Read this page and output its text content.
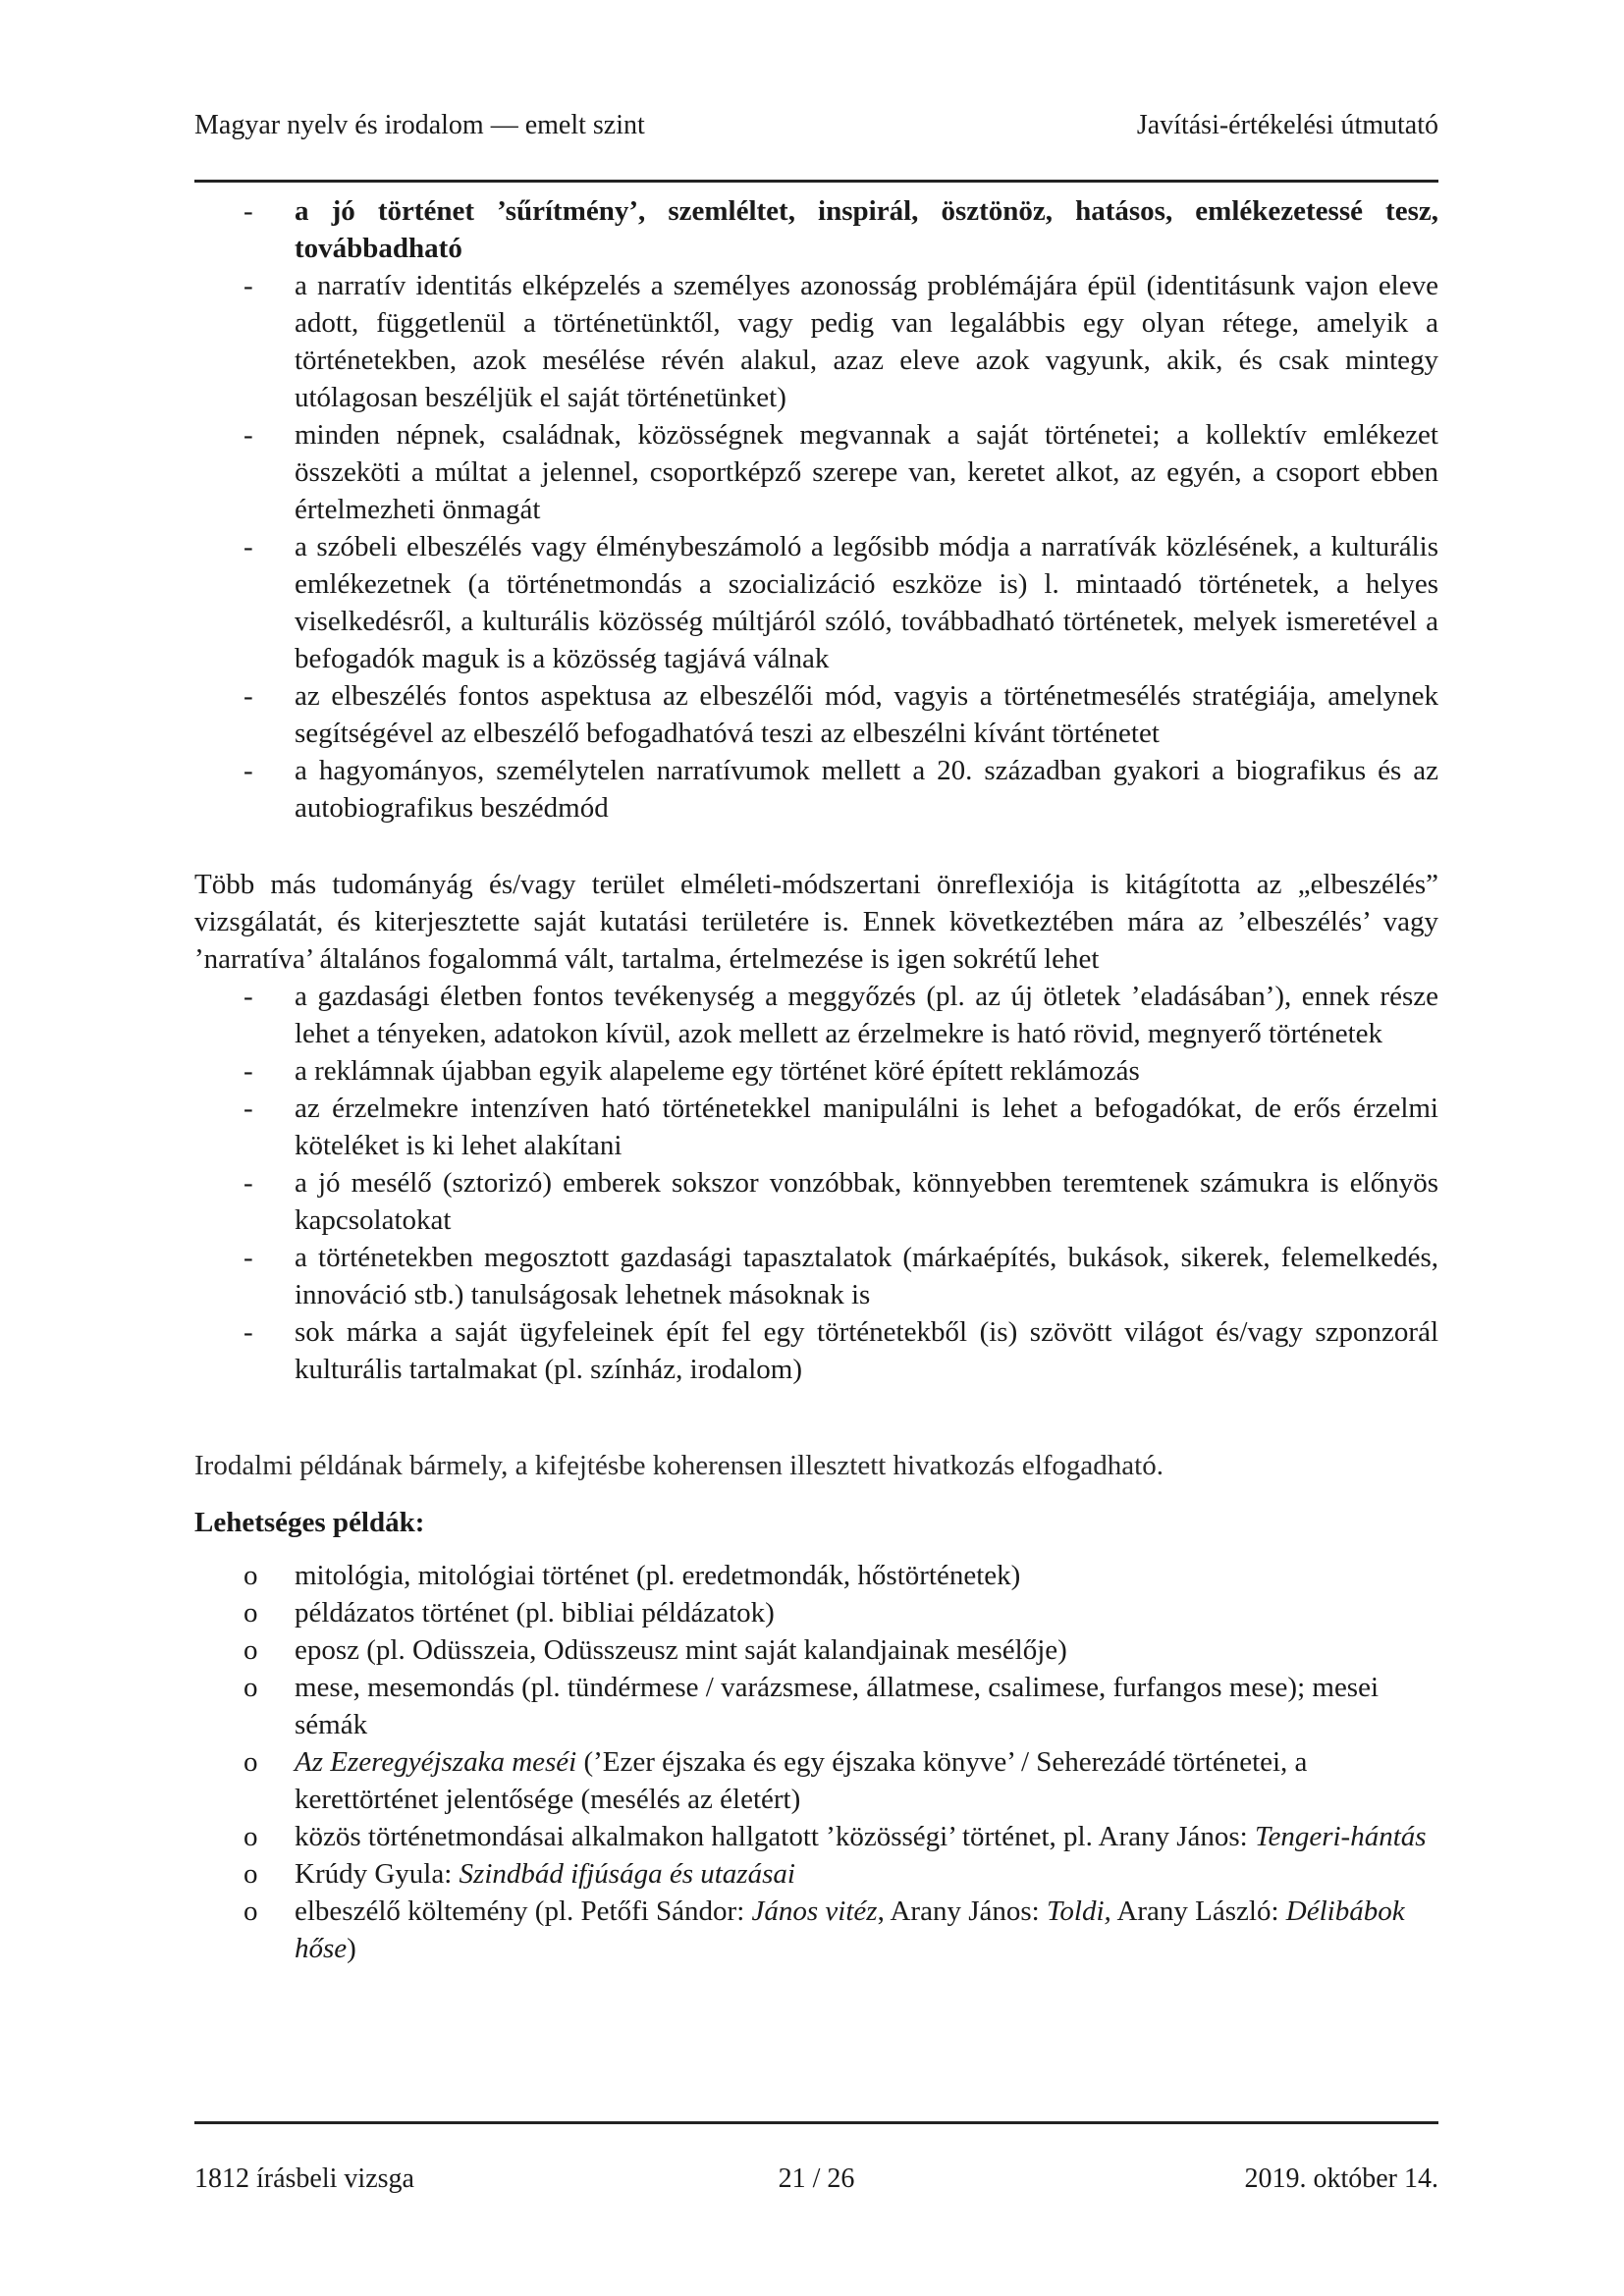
Magyar nyelv és irodalom — emelt szint	Javítási-értékelési útmutató
- a jó történet ’sűrítmény’, szemléltet, inspirál, ösztönöz, hatásos, emlékezetessé tesz, továbbadható
- a narratív identitás elképzelés a személyes azonosság problémájára épül (identitásunk vajon eleve adott, függetlenül a történetünktől, vagy pedig van legalábbis egy olyan rétege, amelyik a történetekben, azok mesélése révén alakul, azaz eleve azok vagyunk, akik, és csak mintegy utólagosan beszéljük el saját történetünket)
- minden népnek, családnak, közösségnek megvannak a saját történetei; a kollektív emlékezet összeköti a múltat a jelennel, csoportképző szerepe van, keretet alkot, az egyén, a csoport ebben értelmezheti önmagát
- a szóbeli elbeszélés vagy élménybeszámoló a legősibb módja a narratívák közlésének, a kulturális emlékezetnek (a történetmondás a szocializáció eszköze is) l. mintaadó történetek, a helyes viselkedésről, a kulturális közösség múltjáról szóló, továbbadható történetek, melyek ismeretével a befogadók maguk is a közösség tagjává válnak
- az elbeszélés fontos aspektusa az elbeszélői mód, vagyis a történetmesélés stratégiája, amelynek segítségével az elbeszélő befogadhatóvá teszi az elbeszélni kívánt történetet
- a hagyományos, személytelen narratívumok mellett a 20. században gyakori a biografikus és az autobiografikus beszédmód

Több más tudományág és/vagy terület elméleti-módszertani önreflexiója is kitágította az „elbeszélés” vizsgálatát, és kiterjesztette saját kutatási területére is. Ennek következtében mára az ’elbeszélés’ vagy ’narratíva’ általános fogalommá vált, tartalma, értelmezése is igen sokrétű lehet

- a gazdasági életben fontos tevékenység a meggyőzés (pl. az új ötletek ’eladásában’), ennek része lehet a tényeken, adatokon kívül, azok mellett az érzelmekre is ható rövid, megnyerő történetek
- a reklámnak újabban egyik alapeleme egy történet köré épített reklámozás
- az érzelmekre intenzíven ható történetekkel manipulálni is lehet a befogadókat, de erős érzelmi köteléket is ki lehet alakítani
- a jó mesélő (sztorizó) emberek sokszor vonzóbbak, könnyebben teremtenek számukra is előnyös kapcsolatokat
- a történetekben megosztott gazdasági tapasztalatok (márkaépítés, bukások, sikerek, felemelkedés, innováció stb.) tanulságosak lehetnek másoknak is
- sok márka a saját ügyfeleinek épít fel egy történetekből (is) szövött világot és/vagy szponzorál kulturális tartalmakat (pl. színház, irodalom)

Irodalmi példának bármely, a kifejtésbe koherensen illesztett hivatkozás elfogadható.

Lehetséges példák:

o mitológia, mitológiai történet (pl. eredetmondák, hőstörténetek)
o példázatos történet (pl. bibliai példázatok)
o eposz (pl. Odüsszeia, Odüsszeusz mint saját kalandjainak mesélője)
o mese, mesemondás (pl. tündérmese / varázsmese, állatmese, csalimese, furfangos mese); mesei sémák
o Az Ezeregyéjszaka meséi (’Ezer éjszaka és egy éjszaka könyve’ / Seherezádé történetei, a kerettörténet jelentősége (mesélés az életért)
o közös történetmondásai alkalmakon hallgatott ’közösségi’ történet, pl. Arany János: Tengeri-hántás
o Krúdy Gyula: Szindbád ifjúsága és utazásai
o elbeszélő költemény (pl. Petőfi Sándor: János vitéz, Arany János: Toldi, Arany László: Délibábok hőse)
1812 írásbeli vizsga	21 / 26	2019. október 14.
